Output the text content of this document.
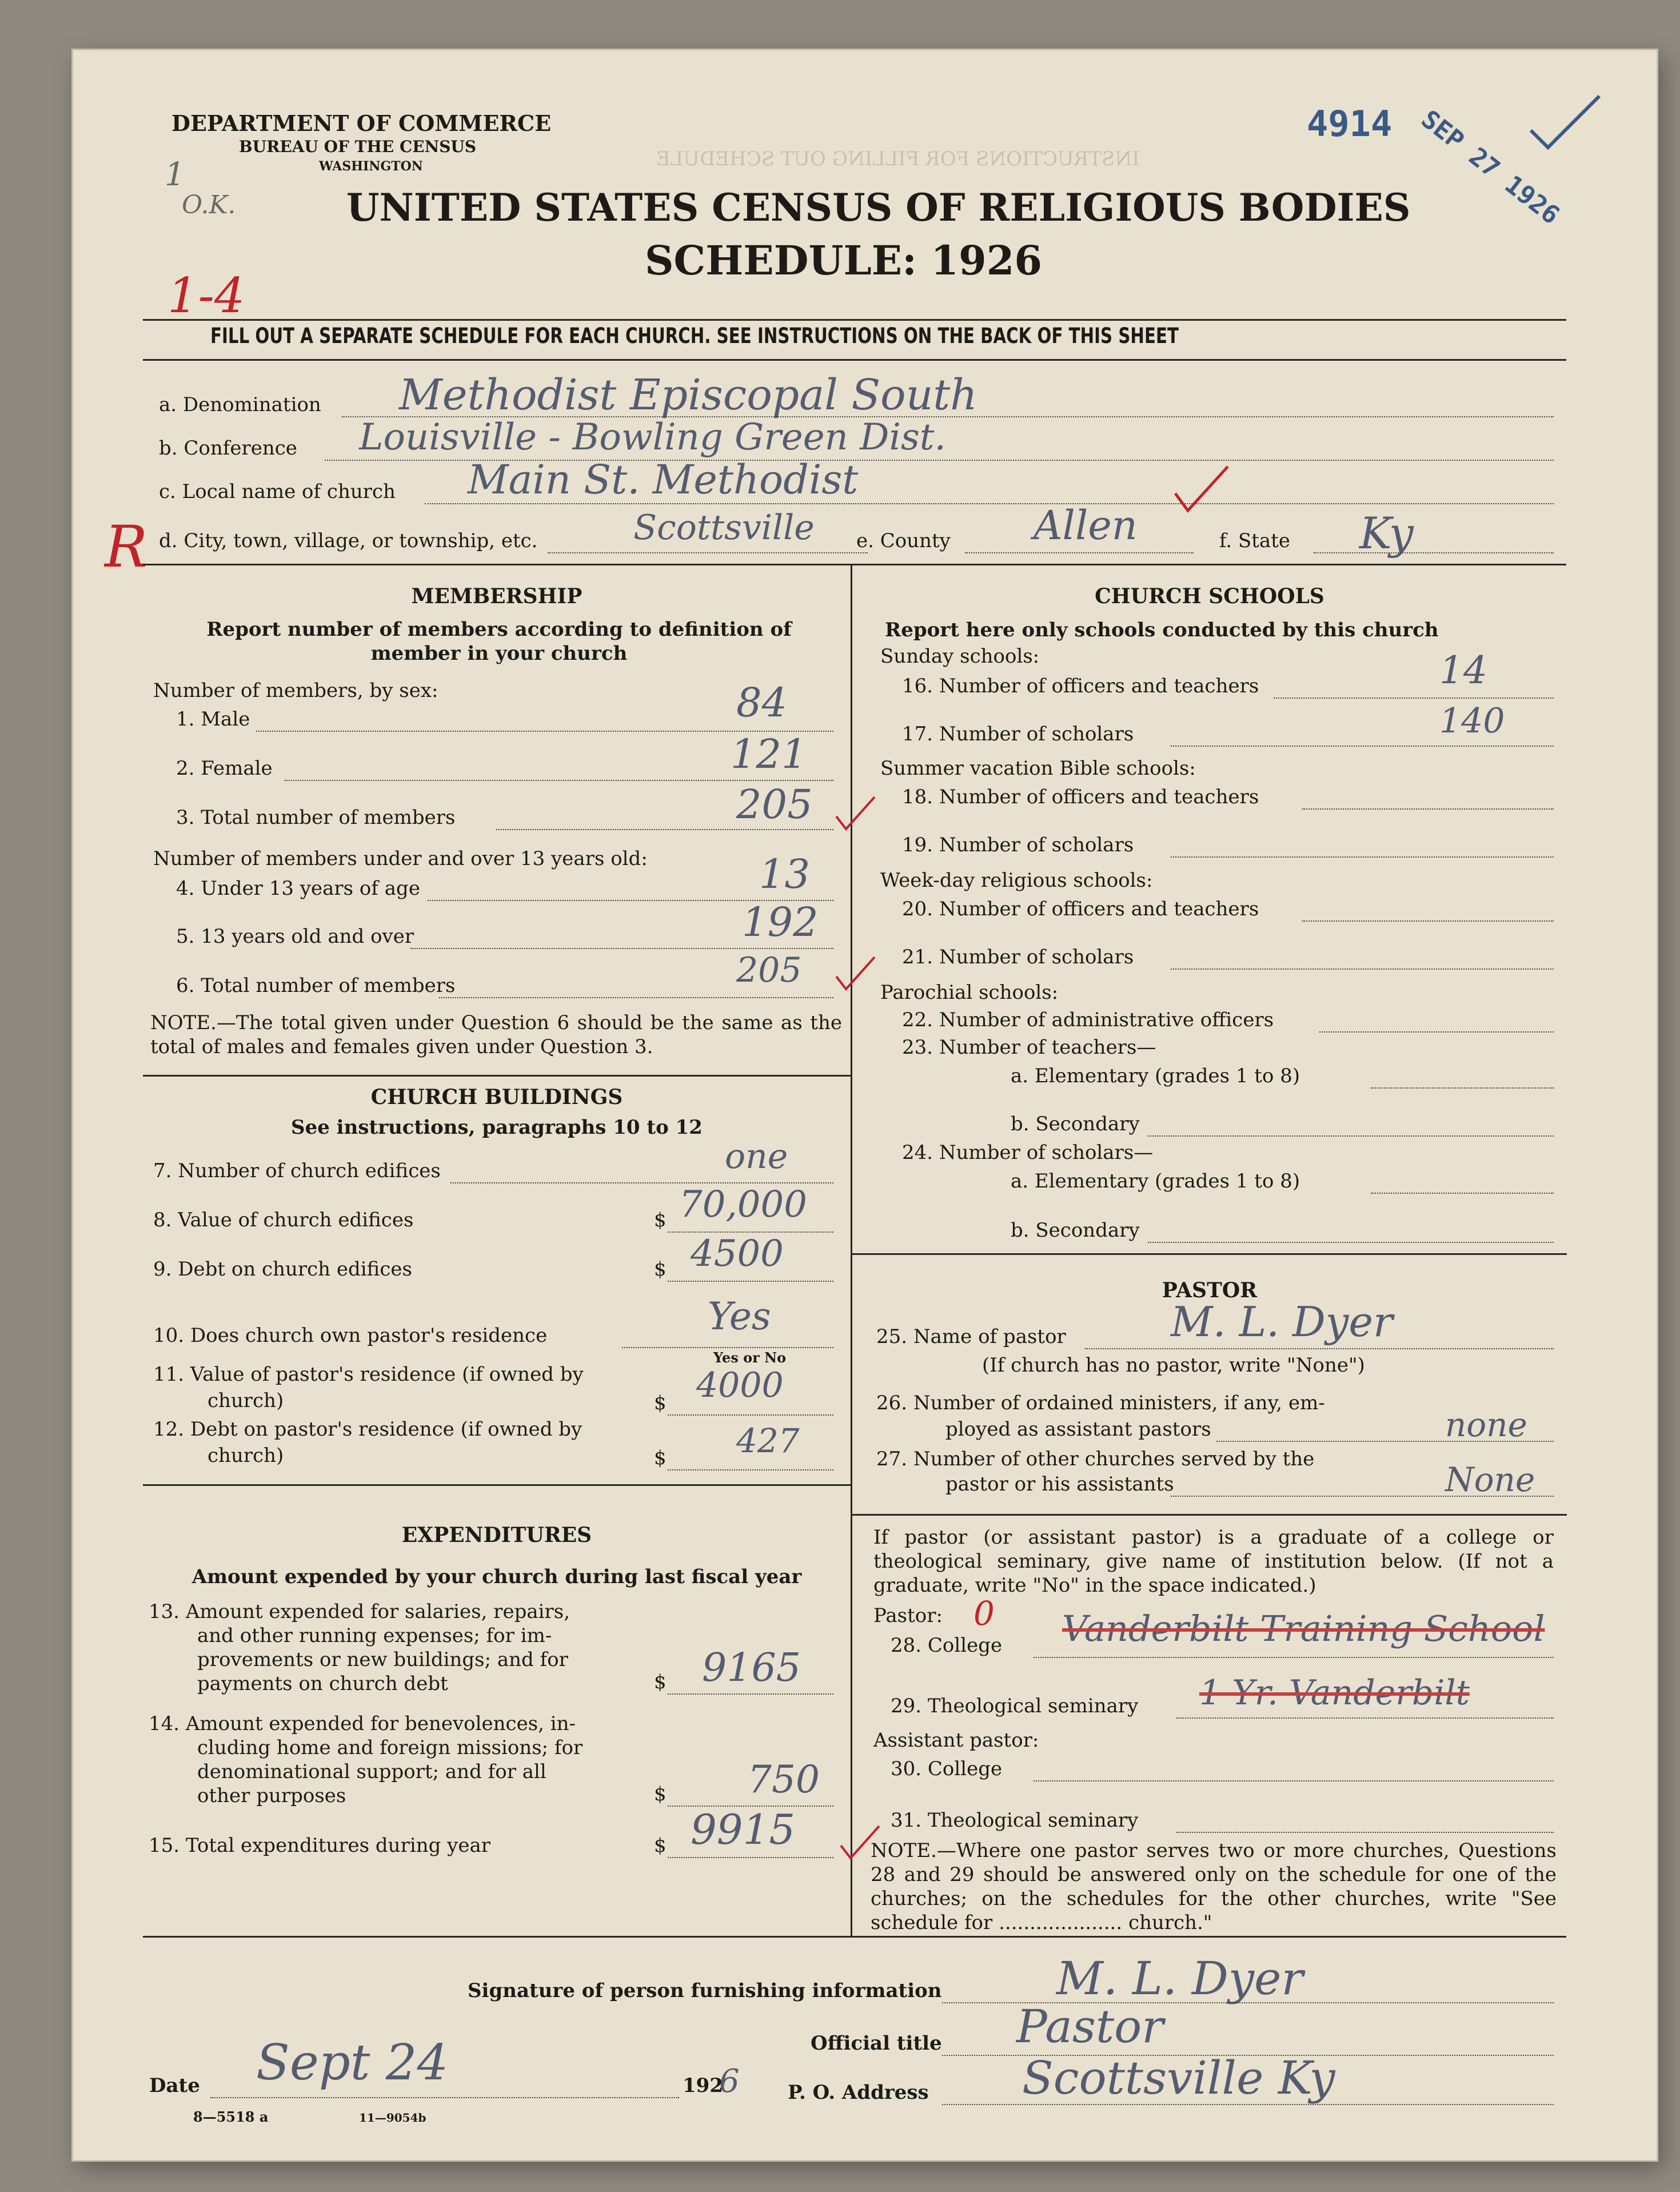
INSTRUCTIONS FOR FILLING OUT SCHEDULE
DEPARTMENT OF COMMERCE
BUREAU OF THE CENSUS
WASHINGTON
UNITED STATES CENSUS OF RELIGIOUS BODIES
SCHEDULE: 1926
4914 SEP 27 1926
1
O.K.
1-4
R
FILL OUT A SEPARATE SCHEDULE FOR EACH CHURCH. SEE INSTRUCTIONS ON THE BACK OF THIS SHEET
a. Denomination Methodist Episcopal South
b. Conference Louisville - Bowling Green Dist.
c. Local name of church Main St. Methodist
d. City, town, village, or township, etc.	Scottsville e. County Allen	f. State Ky
MEMBERSHIP
Report number of members according to definition of member in your church
Number of members, by sex:
1. Male	84
2. Female	121
3. Total number of members	205
Number of members under and over 13 years old:
4. Under 13 years of age	13
5. 13 years old and over	192
6. Total number of members	205
NOTE.—The total given under Question 6 should be the same as the total of males and females given under Question 3.
CHURCH BUILDINGS
See instructions, paragraphs 10 to 12
7. Number of church edifices	one
8. Value of church edifices	$ 70,000
9. Debt on church edifices	$ 4500
10. Does church own pastor's residence	Yes
Yes or No
11. Value of pastor's residence (if owned by
church)	$ 4000
12. Debt on pastor's residence (if owned by
church)	$ 427
EXPENDITURES
Amount expended by your church during last fiscal year
13. Amount expended for salaries, repairs,
and other running expenses; for im-
provements or new buildings; and for
payments on church debt	$ 9165
14. Amount expended for benevolences, in-
cluding home and foreign missions; for
denominational support; and for all
other purposes	$ 750
15. Total expenditures during year	$ 9915
CHURCH SCHOOLS
Report here only schools conducted by this church
Sunday schools:
16. Number of officers and teachers	14
17. Number of scholars	140
Summer vacation Bible schools:
18. Number of officers and teachers
19. Number of scholars
Week-day religious schools:
20. Number of officers and teachers
21. Number of scholars
Parochial schools:
22. Number of administrative officers
23. Number of teachers—
a. Elementary (grades 1 to 8)
b. Secondary
24. Number of scholars—
a. Elementary (grades 1 to 8)
b. Secondary
PASTOR
25. Name of pastor	M. L. Dyer
(If church has no pastor, write "None")
26. Number of ordained ministers, if any, em-
ployed as assistant pastors	none
27. Number of other churches served by the
pastor or his assistants	None
If pastor (or assistant pastor) is a graduate of a college or theological seminary, give name of institution below. (If not a graduate, write "No" in the space indicated.)
Pastor: 0
28. College Vanderbilt Training School
29. Theological seminary 1 Yr. Vanderbilt
Assistant pastor:
30. College
31. Theological seminary
NOTE.—Where one pastor serves two or more churches, Questions 28 and 29 should be answered only on the schedule for one of the churches; on the schedules for the other churches, write "See schedule for .................... church."
Signature of person furnishing information	M. L. Dyer
Official title Pastor
Date Sept 24	192
6 P. O. Address Scottsville Ky
8—5518 a	11—9054b
